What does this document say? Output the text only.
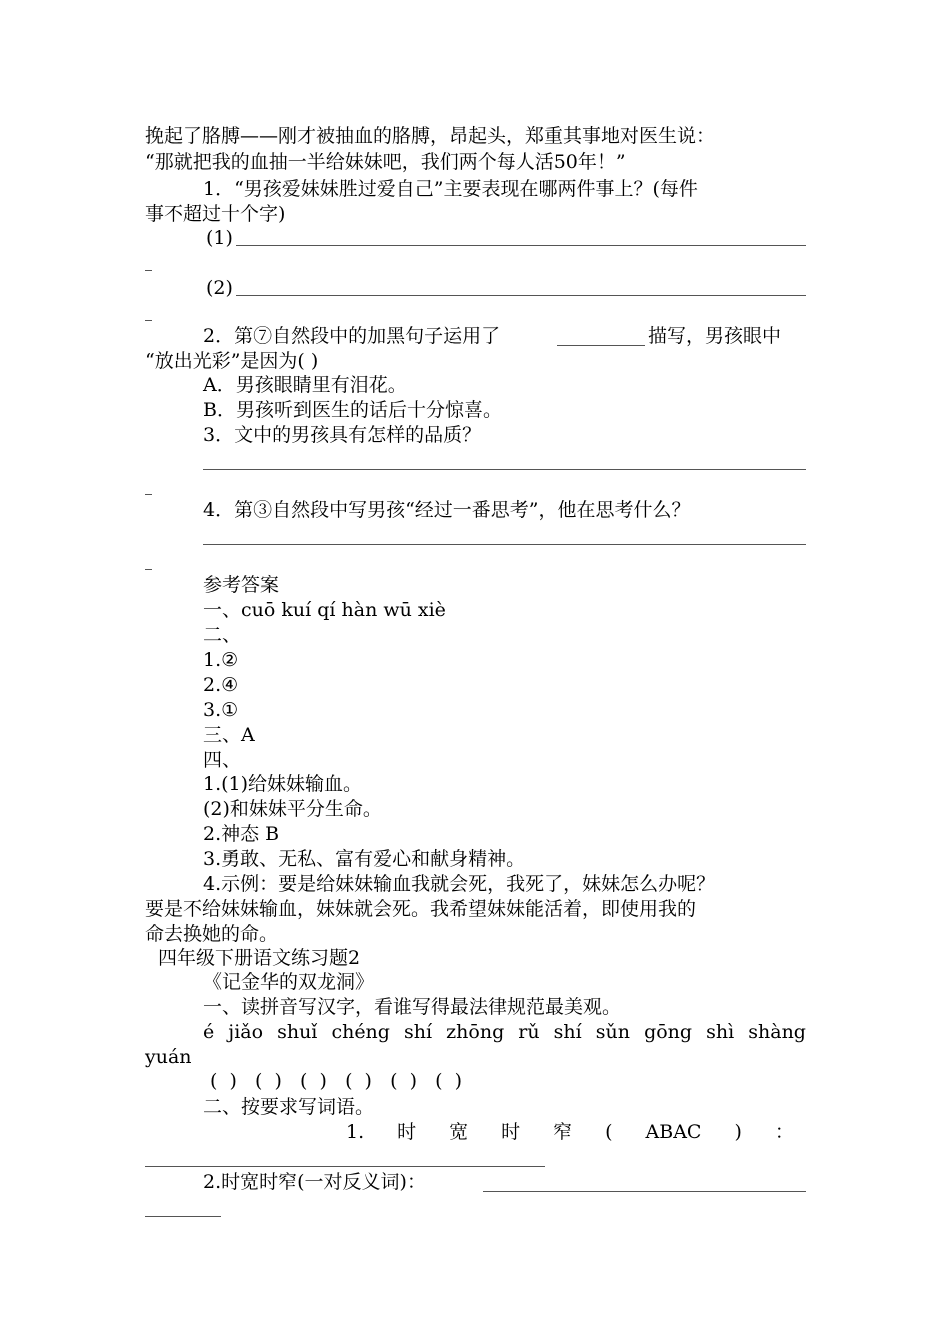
挽起了胳膊——刚才被抽血的胳膊，昂起头，郑重其事地对医生说：
“那就把我的血抽一半给妹妹吧，我们两个每人活50年！”
1．“男孩爱妹妹胜过爱自己”主要表现在哪两件事上？(每件
事不超过十个字)
(1)
(2)
2．第⑦自然段中的加黑句子运用了	描写，男孩眼中
“放出光彩”是因为( )
A．男孩眼睛里有泪花。
B．男孩听到医生的话后十分惊喜。
3．文中的男孩具有怎样的品质？
4．第③自然段中写男孩“经过一番思考”，他在思考什么？
参考答案
一、cuō kuí qí hàn wū xiè
二、
1.②
2.④
3.①
三、A
四、
1.(1)给妹妹输血。
(2)和妹妹平分生命。
2.神态 B
3.勇敢、无私、富有爱心和献身精神。
4.示例：要是给妹妹输血我就会死，我死了，妹妹怎么办呢？
要是不给妹妹输血，妹妹就会死。我希望妹妹能活着，即使用我的
命去换她的命。
四年级下册语文练习题2
《记金华的双龙洞》
一、读拼音写汉字，看谁写得最法律规范最美观。
é jiǎo shuǐ chéng shí zhōng rǔ shí sǔn gōng shì shàng
yuán
(  )   (  )   (  )   (  )   (  )   (  )
二、按要求写词语。
1. 时 宽 时 窄 ( ABAC ) ：
2.时宽时窄(一对反义词)：
